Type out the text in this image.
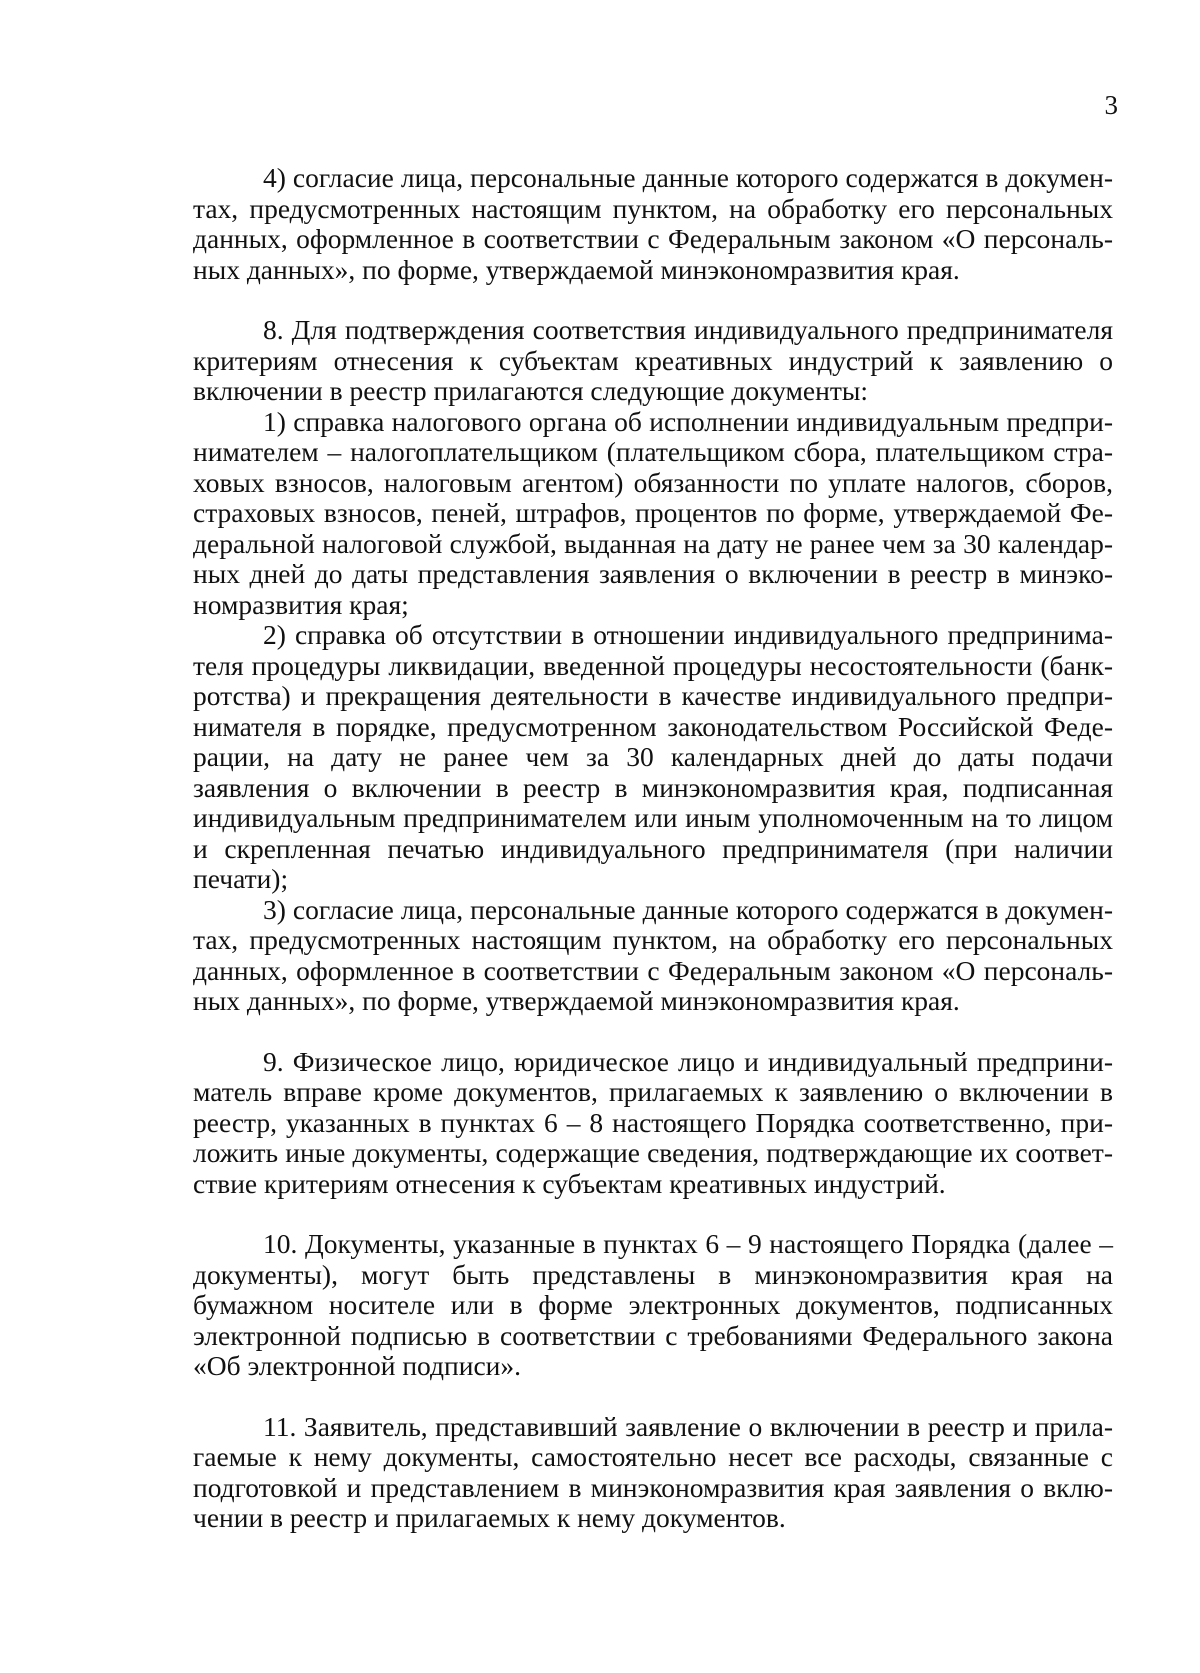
3

4) согласие лица, персональные данные которого содержатся в документах, предусмотренных настоящим пунктом, на обработку его персональных данных, оформленное в соответствии с Федеральным законом «О персональных данных», по форме, утверждаемой минэкономразвития края.

8. Для подтверждения соответствия индивидуального предпринимателя критериям отнесения к субъектам креативных индустрий к заявлению о включении в реестр прилагаются следующие документы:

1) справка налогового органа об исполнении индивидуальным предпринимателем – налогоплательщиком (плательщиком сбора, плательщиком страховых взносов, налоговым агентом) обязанности по уплате налогов, сборов, страховых взносов, пеней, штрафов, процентов по форме, утверждаемой Федеральной налоговой службой, выданная на дату не ранее чем за 30 календарных дней до даты представления заявления о включении в реестр в минэкономразвития края;

2) справка об отсутствии в отношении индивидуального предпринимателя процедуры ликвидации, введенной процедуры несостоятельности (банкротства) и прекращения деятельности в качестве индивидуального предпринимателя в порядке, предусмотренном законодательством Российской Федерации, на дату не ранее чем за 30 календарных дней до даты подачи заявления о включении в реестр в минэкономразвития края, подписанная индивидуальным предпринимателем или иным уполномоченным на то лицом и скрепленная печатью индивидуального предпринимателя (при наличии печати);

3) согласие лица, персональные данные которого содержатся в документах, предусмотренных настоящим пунктом, на обработку его персональных данных, оформленное в соответствии с Федеральным законом «О персональных данных», по форме, утверждаемой минэкономразвития края.

9. Физическое лицо, юридическое лицо и индивидуальный предприниматель вправе кроме документов, прилагаемых к заявлению о включении в реестр, указанных в пунктах 6 – 8 настоящего Порядка соответственно, приложить иные документы, содержащие сведения, подтверждающие их соответствие критериям отнесения к субъектам креативных индустрий.

10. Документы, указанные в пунктах 6 – 9 настоящего Порядка (далее – документы), могут быть представлены в минэкономразвития края на бумажном носителе или в форме электронных документов, подписанных электронной подписью в соответствии с требованиями Федерального закона «Об электронной подписи».

11. Заявитель, представивший заявление о включении в реестр и прилагаемые к нему документы, самостоятельно несет все расходы, связанные с подготовкой и представлением в минэкономразвития края заявления о включении в реестр и прилагаемых к нему документов.
